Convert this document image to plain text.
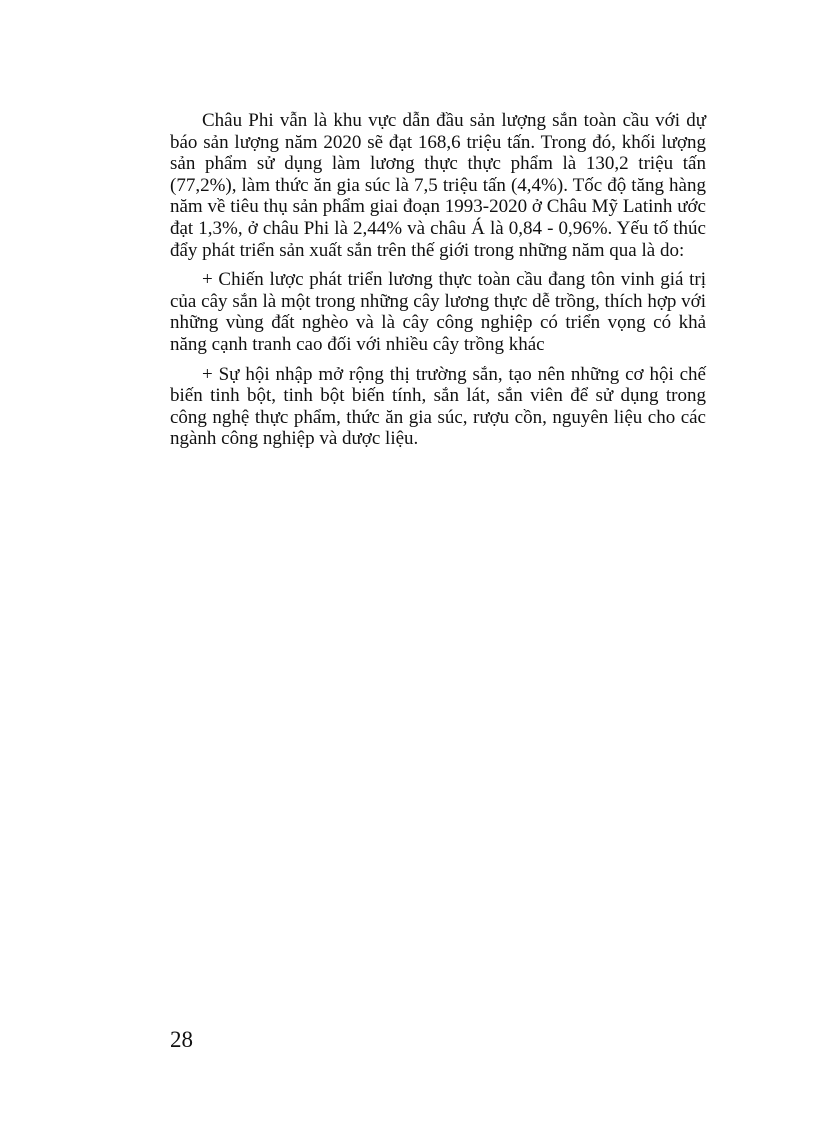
Châu Phi vẫn là khu vực dẫn đầu sản lượng sắn toàn cầu với dự báo sản lượng năm 2020 sẽ đạt 168,6 triệu tấn. Trong đó, khối lượng sản phẩm sử dụng làm lương thực thực phẩm là 130,2 triệu tấn (77,2%), làm thức ăn gia súc là 7,5 triệu tấn (4,4%). Tốc độ tăng hàng năm về tiêu thụ sản phẩm giai đoạn 1993-2020 ở Châu Mỹ Latinh ước đạt 1,3%, ở châu Phi là 2,44% và châu Á là 0,84 - 0,96%. Yếu tố thúc đẩy phát triển sản xuất sắn trên thế giới trong những năm qua là do:

+ Chiến lược phát triển lương thực toàn cầu đang tôn vinh giá trị của cây sắn là một trong những cây lương thực dễ trồng, thích hợp với những vùng đất nghèo và là cây công nghiệp có triển vọng có khả năng cạnh tranh cao đối với nhiều cây trồng khác

+ Sự hội nhập mở rộng thị trường sắn, tạo nên những cơ hội chế biến tinh bột, tinh bột biến tính, sắn lát, sắn viên để sử dụng trong công nghệ thực phẩm, thức ăn gia súc, rượu cồn, nguyên liệu cho các ngành công nghiệp và dược liệu.

28
